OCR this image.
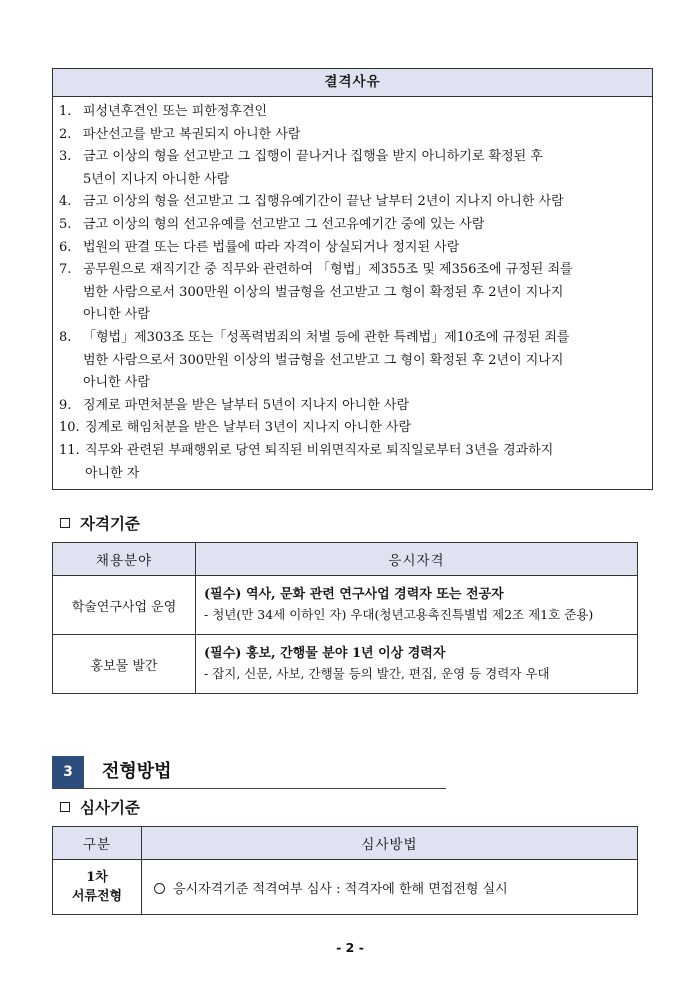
결격사유
1. 피성년후견인 또는 피한정후견인
2. 파산선고를 받고 복권되지 아니한 사람
3. 금고 이상의 형을 선고받고 그 집행이 끝나거나 집행을 받지 아니하기로 확정된 후
5년이 지나지 아니한 사람
4. 금고 이상의 형을 선고받고 그 집행유예기간이 끝난 날부터 2년이 지나지 아니한 사람
5. 금고 이상의 형의 선고유예를 선고받고 그 선고유예기간 중에 있는 사람
6. 법원의 판결 또는 다른 법률에 따라 자격이 상실되거나 정지된 사람
7. 공무원으로 재직기간 중 직무와 관련하여 「형법」제355조 및 제356조에 규정된 죄를
범한 사람으로서 300만원 이상의 벌금형을 선고받고 그 형이 확정된 후 2년이 지나지
아니한 사람
8. 「형법」제303조 또는「성폭력범죄의 처벌 등에 관한 특례법」제10조에 규정된 죄를
범한 사람으로서 300만원 이상의 벌금형을 선고받고 그 형이 확정된 후 2년이 지나지
아니한 사람
9. 징계로 파면처분을 받은 날부터 5년이 지나지 아니한 사람
10. 징계로 해임처분을 받은 날부터 3년이 지나지 아니한 사람
11. 직무와 관련된 부패행위로 당연 퇴직된 비위면직자로 퇴직일로부터 3년을 경과하지
아니한 자
자격기준
채용분야	응시자격
학술연구사업 운영	(필수) 역사, 문화 관련 연구사업 경력자 또는 전공자
- 청년(만 34세 이하인 자) 우대(청년고용촉진특별법 제2조 제1호 준용)

홍보물 발간	(필수) 홍보, 간행물 분야 1년 이상 경력자
- 잡지, 신문, 사보, 간행물 등의 발간, 편집, 운영 등 경력자 우대
3	전형방법
심사기준
구분	심사방법

1차
서류전형	응시자격기준 적격여부 심사 : 적격자에 한해 면접전형 실시
- 2 -
